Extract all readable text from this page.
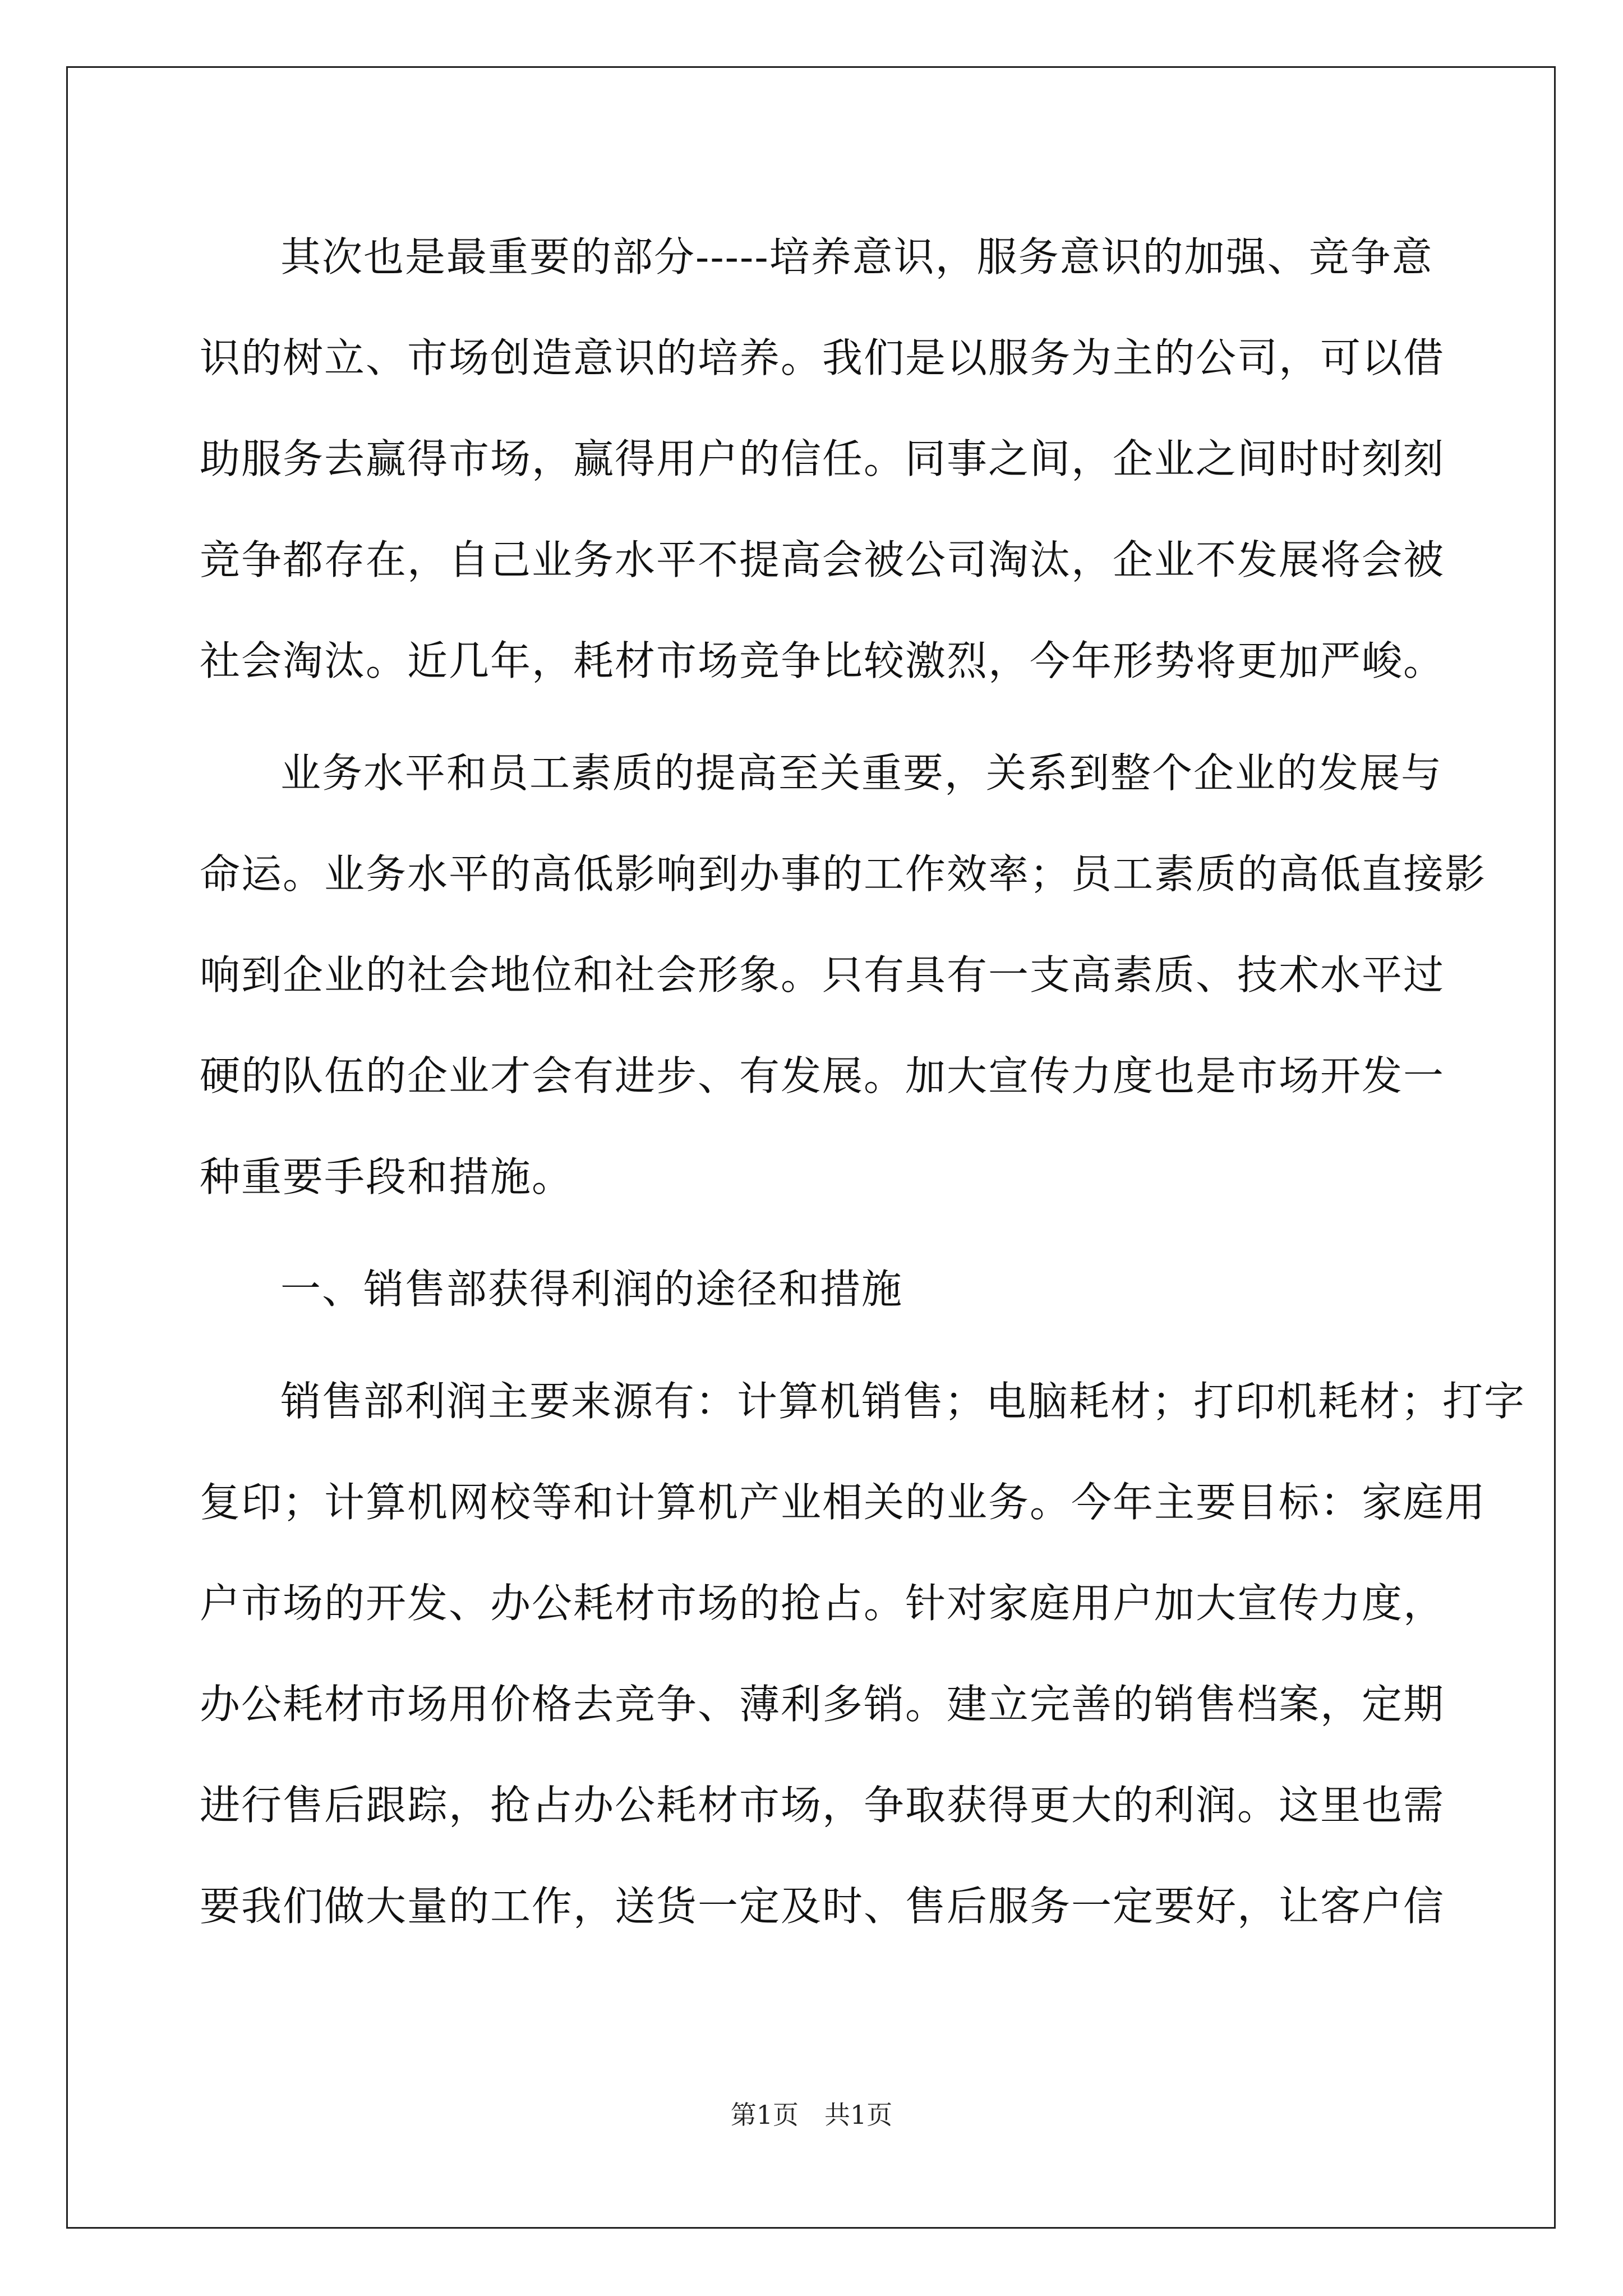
其次也是最重要的部分-----培养意识，服务意识的加强、竞争意
识的树立、市场创造意识的培养。我们是以服务为主的公司，可以借
助服务去赢得市场，赢得用户的信任。同事之间，企业之间时时刻刻
竞争都存在，自己业务水平不提高会被公司淘汰，企业不发展将会被
社会淘汰。近几年，耗材市场竞争比较激烈，今年形势将更加严峻。
业务水平和员工素质的提高至关重要，关系到整个企业的发展与
命运。业务水平的高低影响到办事的工作效率；员工素质的高低直接影
响到企业的社会地位和社会形象。只有具有一支高素质、技术水平过
硬的队伍的企业才会有进步、有发展。加大宣传力度也是市场开发一
种重要手段和措施。
一、销售部获得利润的途径和措施
销售部利润主要来源有：计算机销售；电脑耗材；打印机耗材；打字
复印；计算机网校等和计算机产业相关的业务。今年主要目标：家庭用
户市场的开发、办公耗材市场的抢占。针对家庭用户加大宣传力度，
办公耗材市场用价格去竞争、薄利多销。建立完善的销售档案，定期
进行售后跟踪，抢占办公耗材市场，争取获得更大的利润。这里也需
要我们做大量的工作，送货一定及时、售后服务一定要好，让客户信
第1页 共1页
